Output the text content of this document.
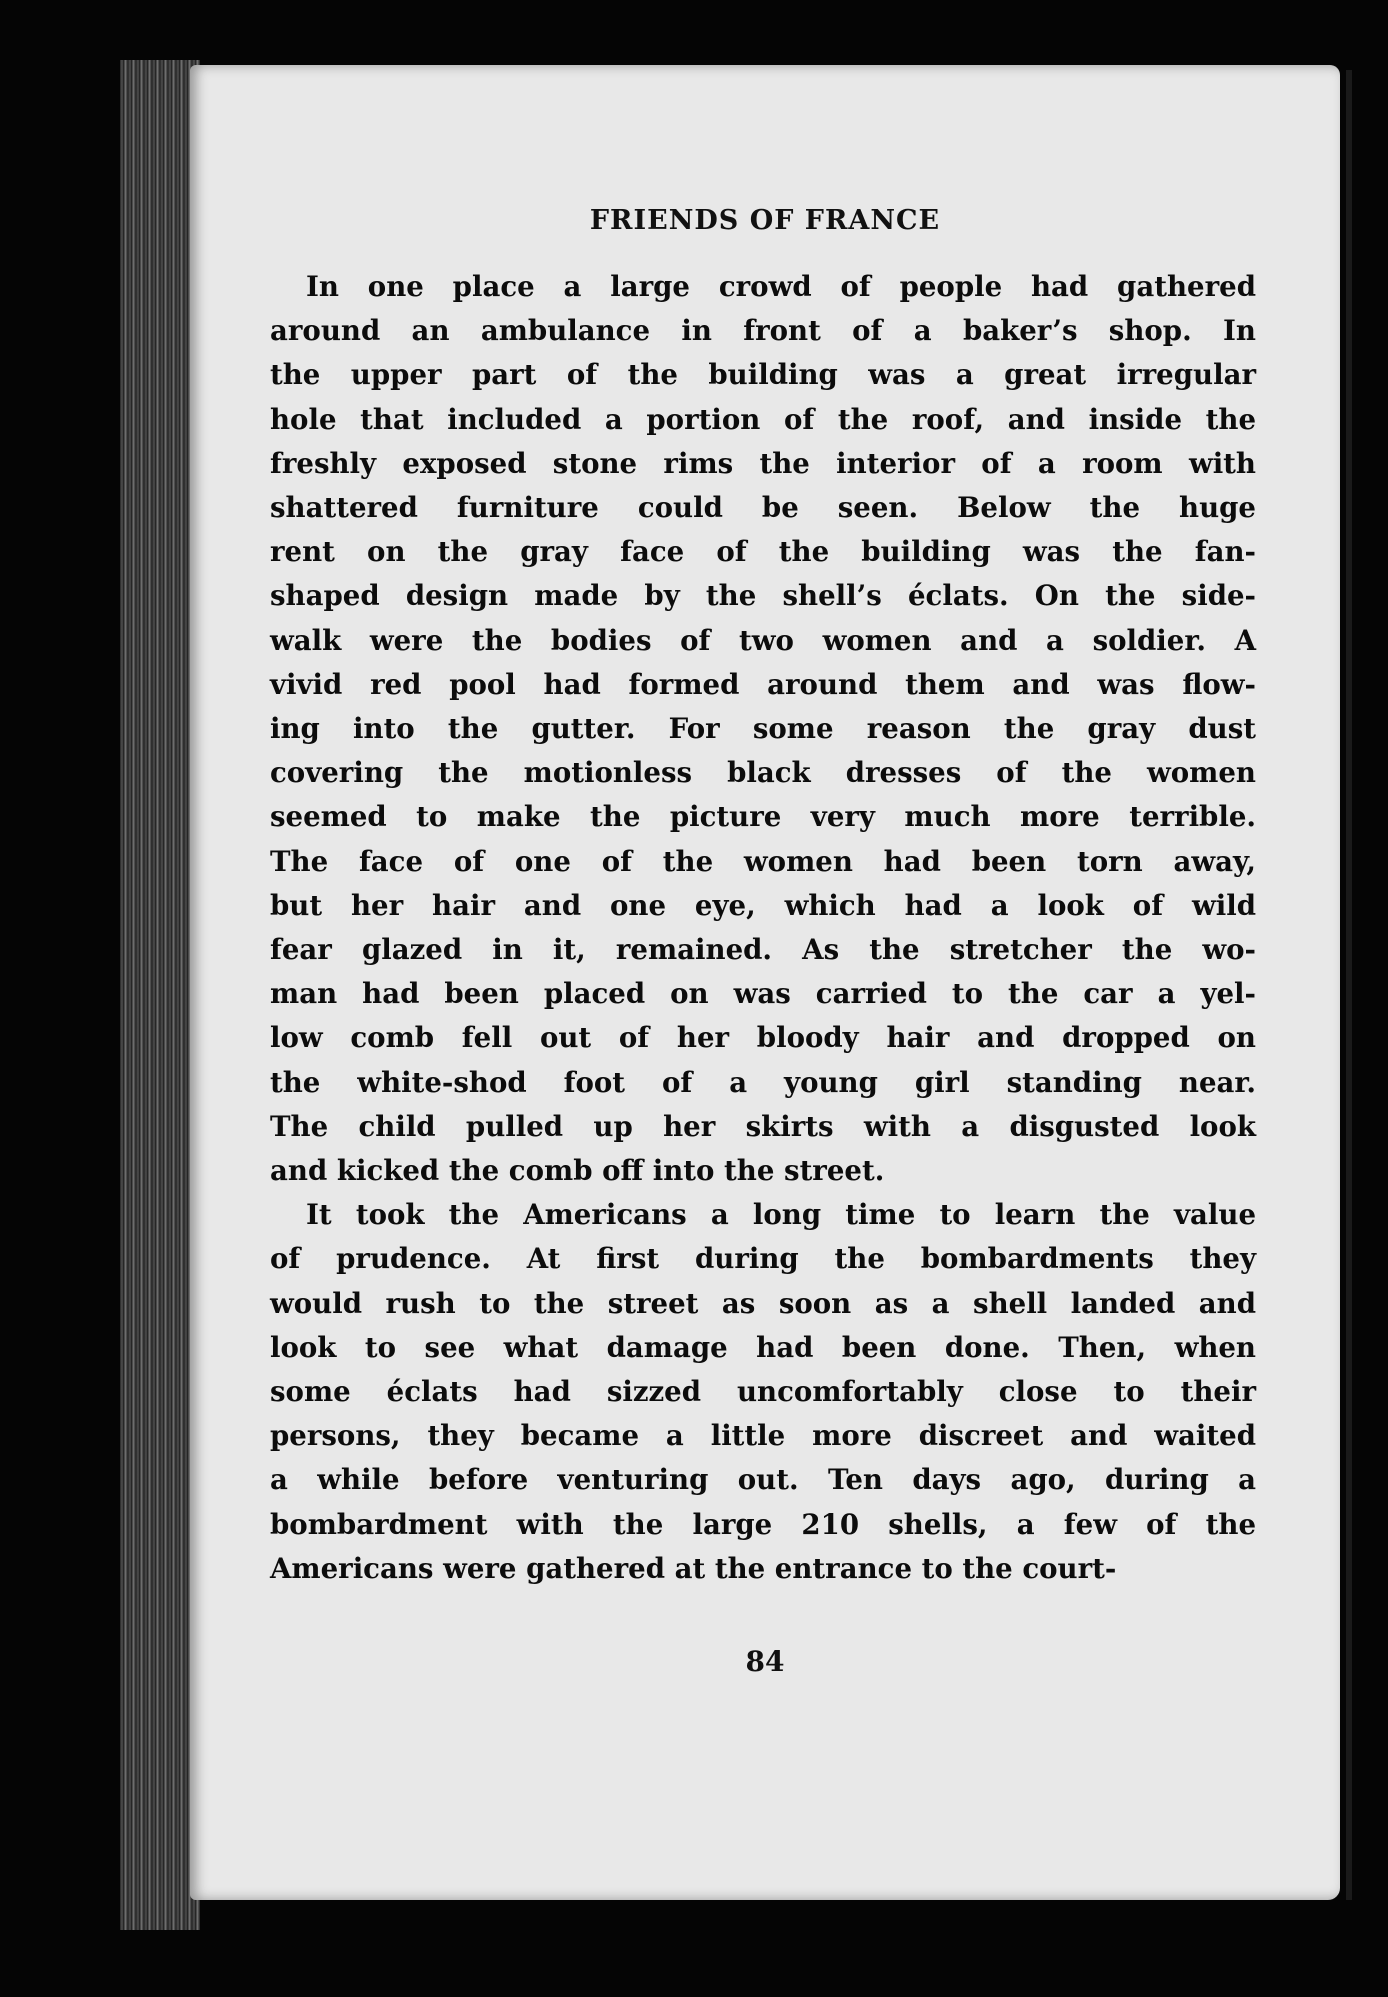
FRIENDS OF FRANCE
84
In one place a large crowd of people had gathered
around an ambulance in front of a baker’s shop. In
the upper part of the building was a great irregular
hole that included a portion of the roof, and inside the
freshly exposed stone rims the interior of a room with
shattered furniture could be seen. Below the huge
rent on the gray face of the building was the fan-
shaped design made by the shell’s éclats. On the side-
walk were the bodies of two women and a soldier. A
vivid red pool had formed around them and was flow-
ing into the gutter. For some reason the gray dust
covering the motionless black dresses of the women
seemed to make the picture very much more terrible.
The face of one of the women had been torn away,
but her hair and one eye, which had a look of wild
fear glazed in it, remained. As the stretcher the wo-
man had been placed on was carried to the car a yel-
low comb fell out of her bloody hair and dropped on
the white-shod foot of a young girl standing near.
The child pulled up her skirts with a disgusted look
and kicked the comb off into the street.
It took the Americans a long time to learn the value
of prudence. At first during the bombardments they
would rush to the street as soon as a shell landed and
look to see what damage had been done. Then, when
some éclats had sizzed uncomfortably close to their
persons, they became a little more discreet and waited
a while before venturing out. Ten days ago, during a
bombardment with the large 210 shells, a few of the
Americans were gathered at the entrance to the court-
